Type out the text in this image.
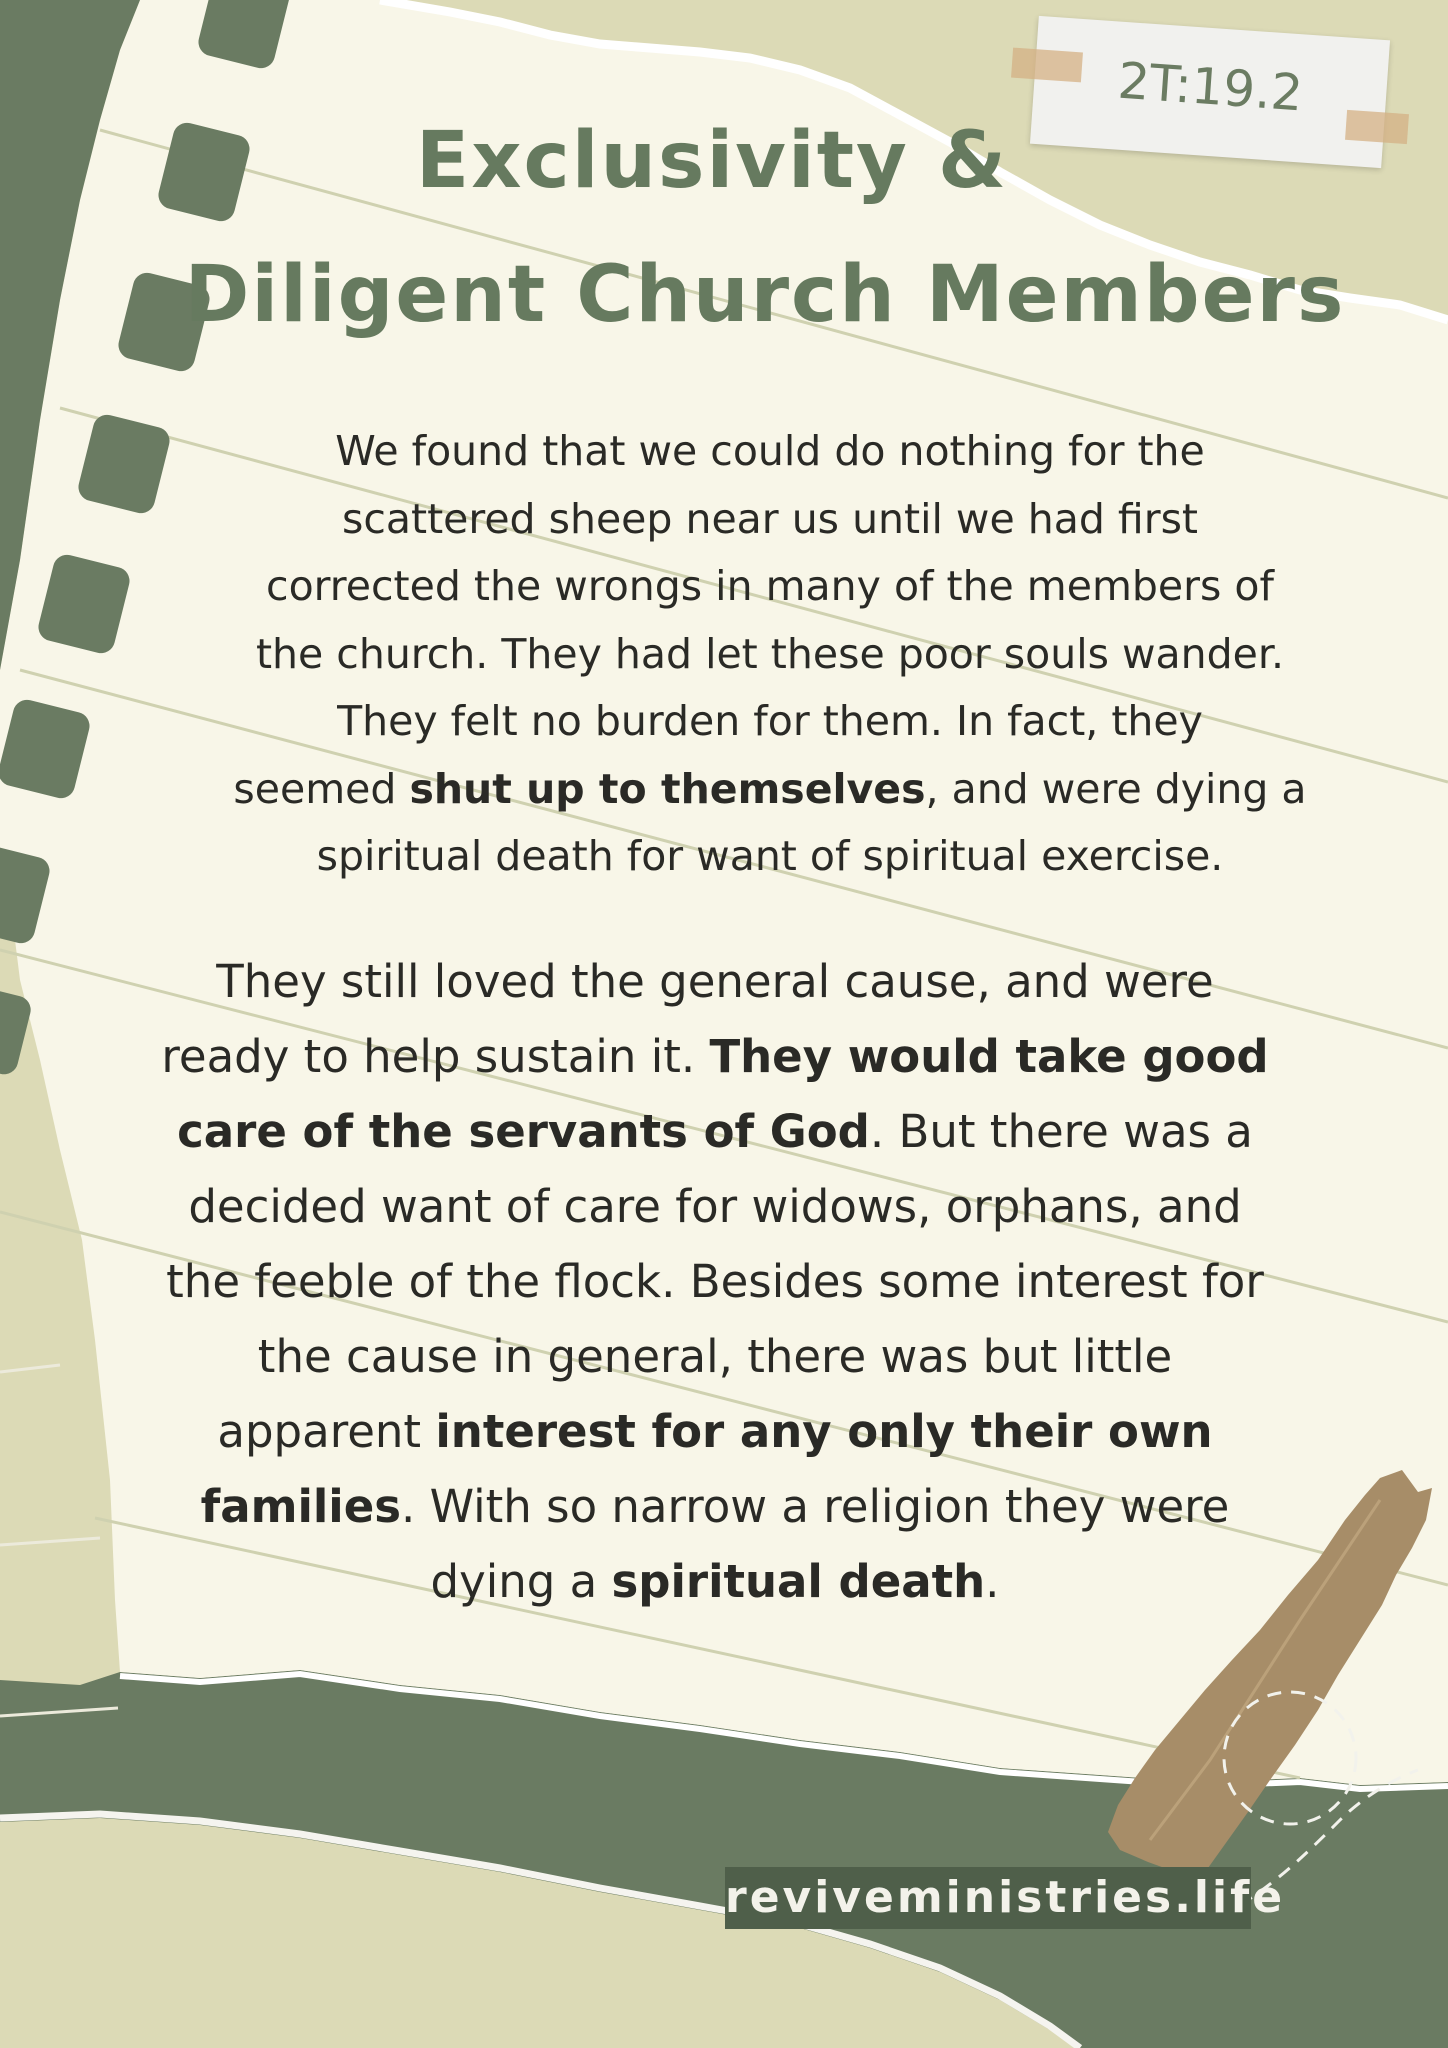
2T:19.2
Exclusivity &
Diligent Church Members

We found that we could do nothing for the
scattered sheep near us until we had first
corrected the wrongs in many of the members of
the church. They had let these poor souls wander.
They felt no burden for them. In fact, they
seemed shut up to themselves, and were dying a
spiritual death for want of spiritual exercise.

They still loved the general cause, and were
ready to help sustain it. They would take good
care of the servants of God. But there was a
decided want of care for widows, orphans, and
the feeble of the flock. Besides some interest for
the cause in general, there was but little
apparent interest for any only their own
families. With so narrow a religion they were
dying a spiritual death.

reviveministries.life
